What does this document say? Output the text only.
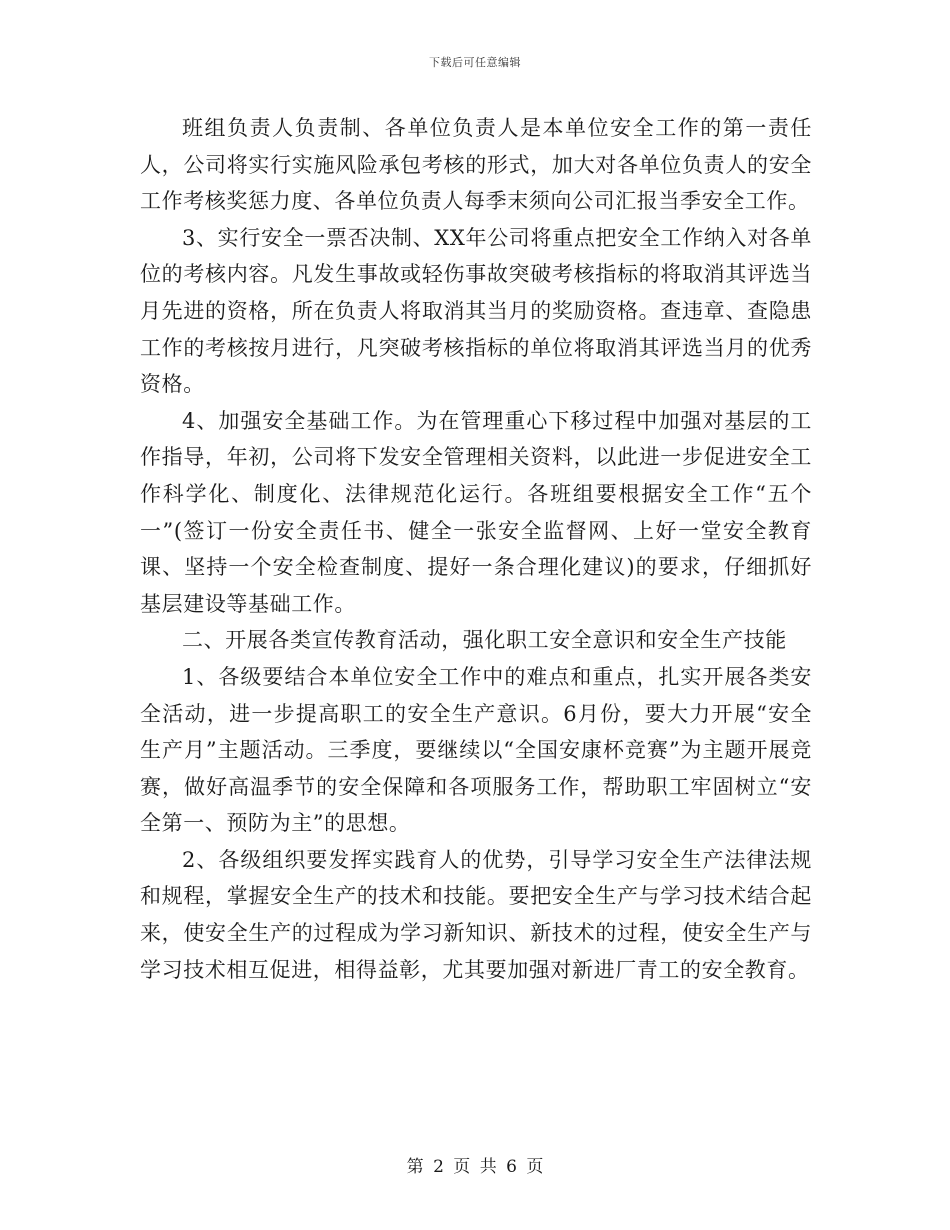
下载后可任意编辑

班组负责人负责制、各单位负责人是本单位安全工作的第一责任人，公司将实行实施风险承包考核的形式，加大对各单位负责人的安全工作考核奖惩力度、各单位负责人每季末须向公司汇报当季安全工作。

3、实行安全一票否决制、XX年公司将重点把安全工作纳入对各单位的考核内容。凡发生事故或轻伤事故突破考核指标的将取消其评选当月先进的资格，所在负责人将取消其当月的奖励资格。查违章、查隐患工作的考核按月进行，凡突破考核指标的单位将取消其评选当月的优秀资格。

4、加强安全基础工作。为在管理重心下移过程中加强对基层的工作指导，年初，公司将下发安全管理相关资料，以此进一步促进安全工作科学化、制度化、法律规范化运行。各班组要根据安全工作“五个一”(签订一份安全责任书、健全一张安全监督网、上好一堂安全教育课、坚持一个安全检查制度、提好一条合理化建议)的要求，仔细抓好基层建设等基础工作。

二、开展各类宣传教育活动，强化职工安全意识和安全生产技能

1、各级要结合本单位安全工作中的难点和重点，扎实开展各类安全活动，进一步提高职工的安全生产意识。6月份，要大力开展“安全生产月”主题活动。三季度，要继续以“全国安康杯竞赛”为主题开展竞赛，做好高温季节的安全保障和各项服务工作，帮助职工牢固树立“安全第一、预防为主”的思想。

2、各级组织要发挥实践育人的优势，引导学习安全生产法律法规和规程，掌握安全生产的技术和技能。要把安全生产与学习技术结合起来，使安全生产的过程成为学习新知识、新技术的过程，使安全生产与学习技术相互促进，相得益彰，尤其要加强对新进厂青工的安全教育。

第 2 页 共 6 页
